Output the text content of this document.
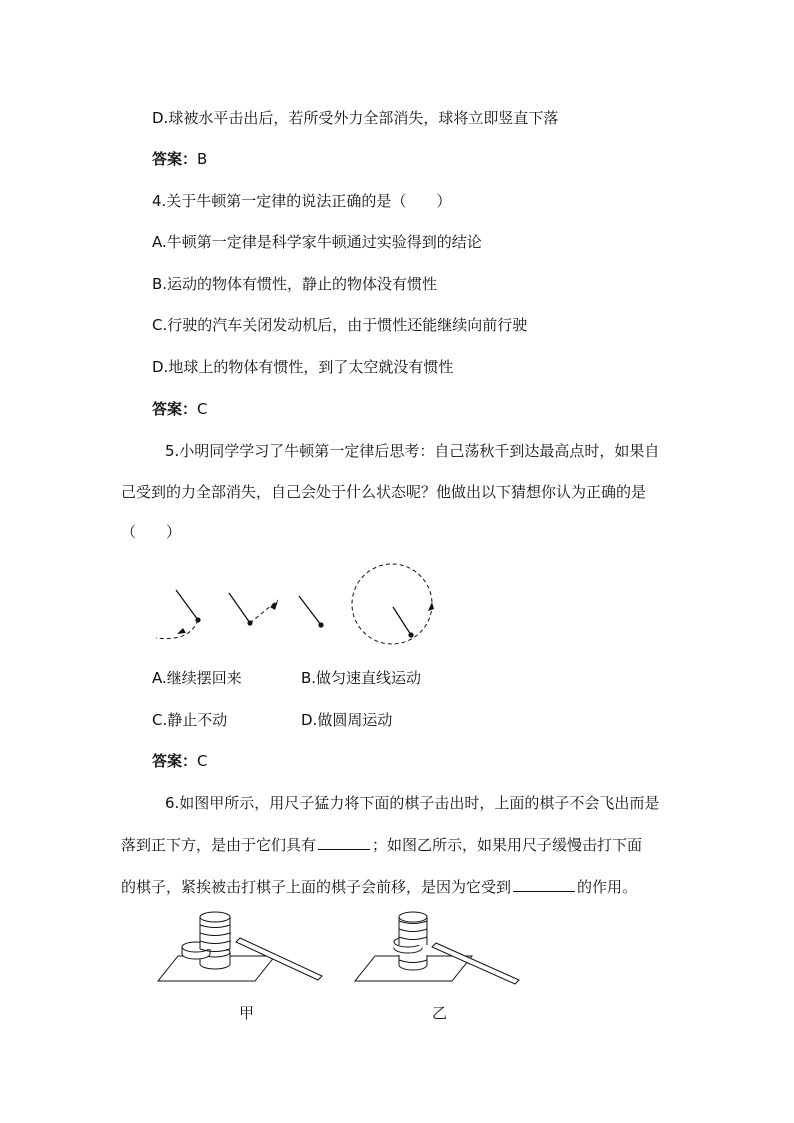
D.球被水平击出后，若所受外力全部消失，球将立即竖直下落
答案：B
4.关于牛顿第一定律的说法正确的是（　　）
A.牛顿第一定律是科学家牛顿通过实验得到的结论
B.运动的物体有惯性，静止的物体没有惯性
C.行驶的汽车关闭发动机后，由于惯性还能继续向前行驶
D.地球上的物体有惯性，到了太空就没有惯性
答案：C
5.小明同学学习了牛顿第一定律后思考：自己荡秋千到达最高点时，如果自
己受到的力全部消失，自己会处于什么状态呢？他做出以下猜想你认为正确的是
（　　）
A.继续摆回来	B.做匀速直线运动
C.静止不动	D.做圆周运动
答案：C
6.如图甲所示，用尺子猛力将下面的棋子击出时，上面的棋子不会飞出而是
落到正下方，是由于它们具有	；如图乙所示，如果用尺子缓慢击打下面
的棋子，紧挨被击打棋子上面的棋子会前移，是因为它受到	的作用。
甲	乙
